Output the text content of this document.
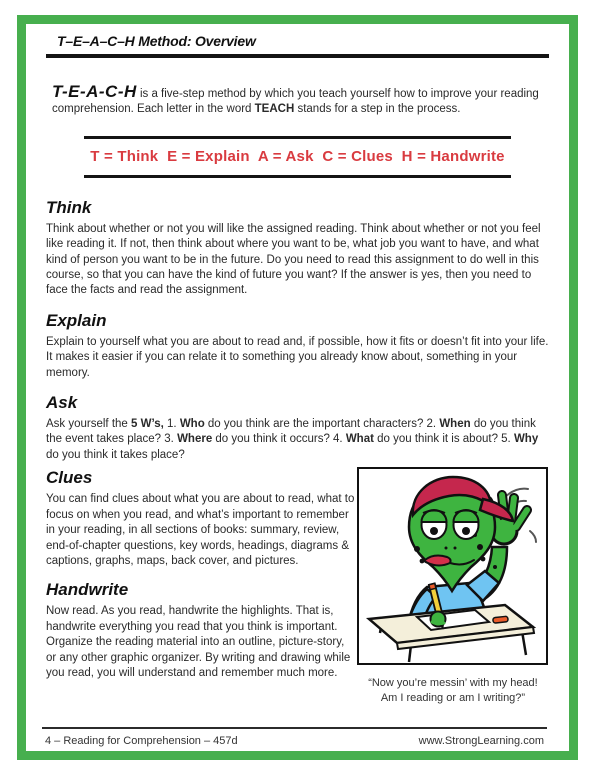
T–E–A–C–H Method: Overview

T-E-A-C-H is a five-step method by which you teach yourself how to improve your reading comprehension. Each letter in the word TEACH stands for a step in the process.

T = Think  E = Explain  A = Ask  C = Clues  H = Handwrite
Think

Think about whether or not you will like the assigned reading. Think about whether or not you feel like reading it. If not, then think about where you want to be, what job you want to have, and what kind of person you want to be in the future. Do you need to read this assignment to do well in this course, so that you can have the kind of future you want? If the answer is yes, then you need to face the facts and read the assignment.

Explain

Explain to yourself what you are about to read and, if possible, how it fits or doesn’t fit into your life. It makes it easier if you can relate it to something you already know about, something in your memory.

Ask

Ask yourself the 5 W’s, 1. Who do you think are the important characters? 2. When do you think the event takes place? 3. Where do you think it occurs? 4. What do you think it is about? 5. Why do you think it takes place?

Clues

You can find clues about what you are about to read, what to focus on when you read, and what’s important to remember in your reading, in all sections of books: summary, review, end-of-chapter questions, key words, headings, diagrams & captions, graphs, maps, back cover, and pictures.

Handwrite

Now read. As you read, handwrite the highlights. That is, handwrite everything you read that you think is important. Organize the reading material into an outline, picture-story, or any other graphic organizer. By writing and drawing while you read, you will understand and remember much more.

“Now you’re messin’ with my head!
Am I reading or am I writing?”
4 – Reading for Comprehension – 457d	www.StrongLearning.com
